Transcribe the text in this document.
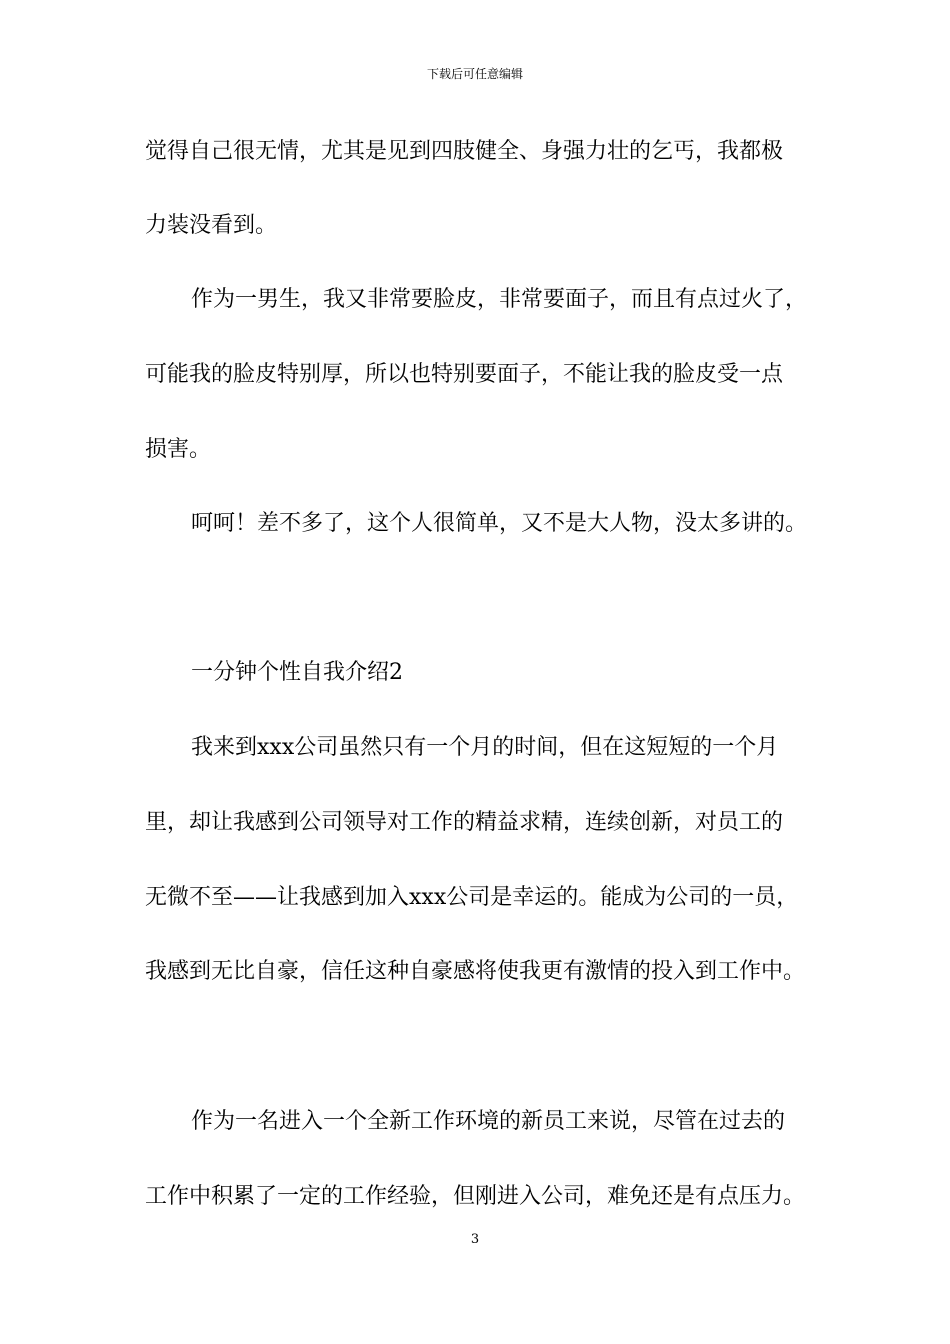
下载后可任意编辑
觉得自己很无情，尤其是见到四肢健全、身强力壮的乞丐，我都极
力装没看到。
作为一男生，我又非常要脸皮，非常要面子，而且有点过火了，
可能我的脸皮特别厚，所以也特别要面子，不能让我的脸皮受一点
损害。
呵呵！差不多了，这个人很简单，又不是大人物，没太多讲的。
一分钟个性自我介绍2
我来到xxx公司虽然只有一个月的时间，但在这短短的一个月
里，却让我感到公司领导对工作的精益求精，连续创新，对员工的
无微不至——让我感到加入xxx公司是幸运的。能成为公司的一员，
我感到无比自豪，信任这种自豪感将使我更有激情的投入到工作中。
作为一名进入一个全新工作环境的新员工来说，尽管在过去的
工作中积累了一定的工作经验，但刚进入公司，难免还是有点压力。
3
